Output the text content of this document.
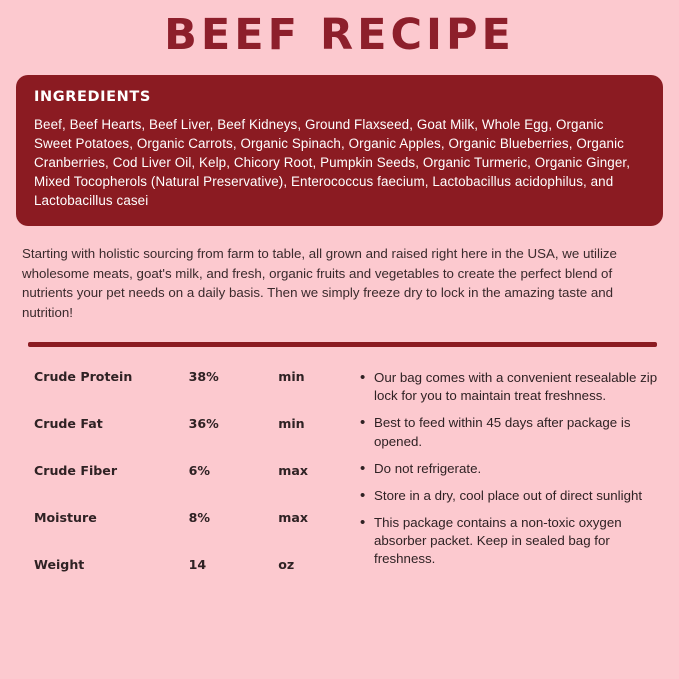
BEEF RECIPE
INGREDIENTS
Beef, Beef Hearts, Beef Liver, Beef Kidneys, Ground Flaxseed, Goat Milk, Whole Egg, Organic Sweet Potatoes, Organic Carrots, Organic Spinach, Organic Apples, Organic Blueberries, Organic Cranberries, Cod Liver Oil, Kelp, Chicory Root, Pumpkin Seeds, Organic Turmeric, Organic Ginger, Mixed Tocopherols (Natural Preservative), Enterococcus faecium, Lactobacillus acidophilus, and Lactobacillus casei
Starting with holistic sourcing from farm to table, all grown and raised right here in the USA, we utilize wholesome meats, goat's milk, and fresh, organic fruits and vegetables to create the perfect blend of nutrients your pet needs on a daily basis. Then we simply freeze dry to lock in the amazing taste and nutrition!
Crude Protein	38%	min
Crude Fat	36%	min
Crude Fiber	6%	max
Moisture	8%	max
Weight	14	oz
• Our bag comes with a convenient resealable zip lock for you to maintain treat freshness.
• Best to feed within 45 days after package is opened.
• Do not refrigerate.
• Store in a dry, cool place out of direct sunlight
• This package contains a non-toxic oxygen absorber packet. Keep in sealed bag for freshness.
